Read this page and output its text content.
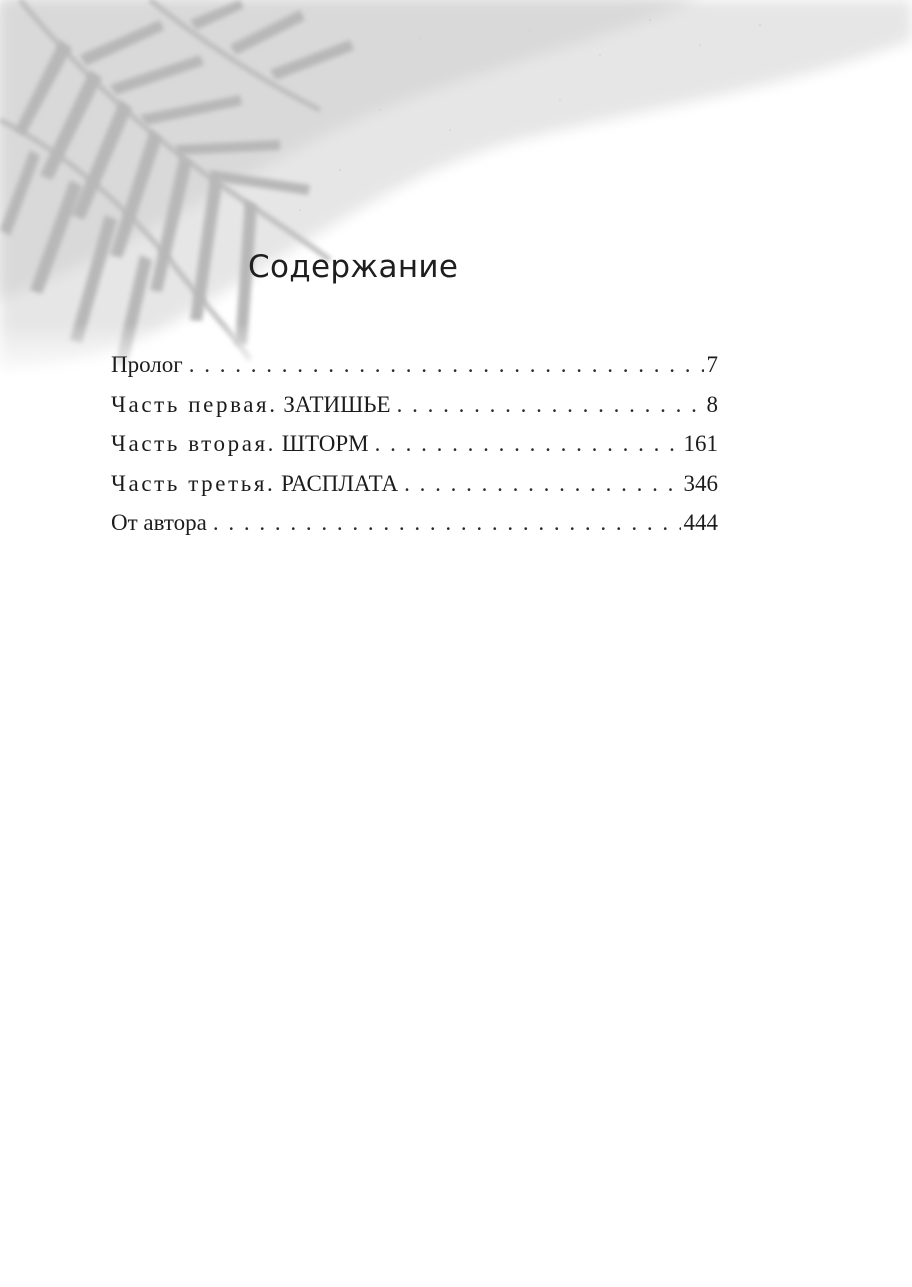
Содержание
Пролог . . .	7
Часть первая. ЗАТИШЬЕ . . .	8
Часть вторая. ШТОРМ . . .	161
Часть третья. РАСПЛАТА . . .	346
От автора . . .	444
